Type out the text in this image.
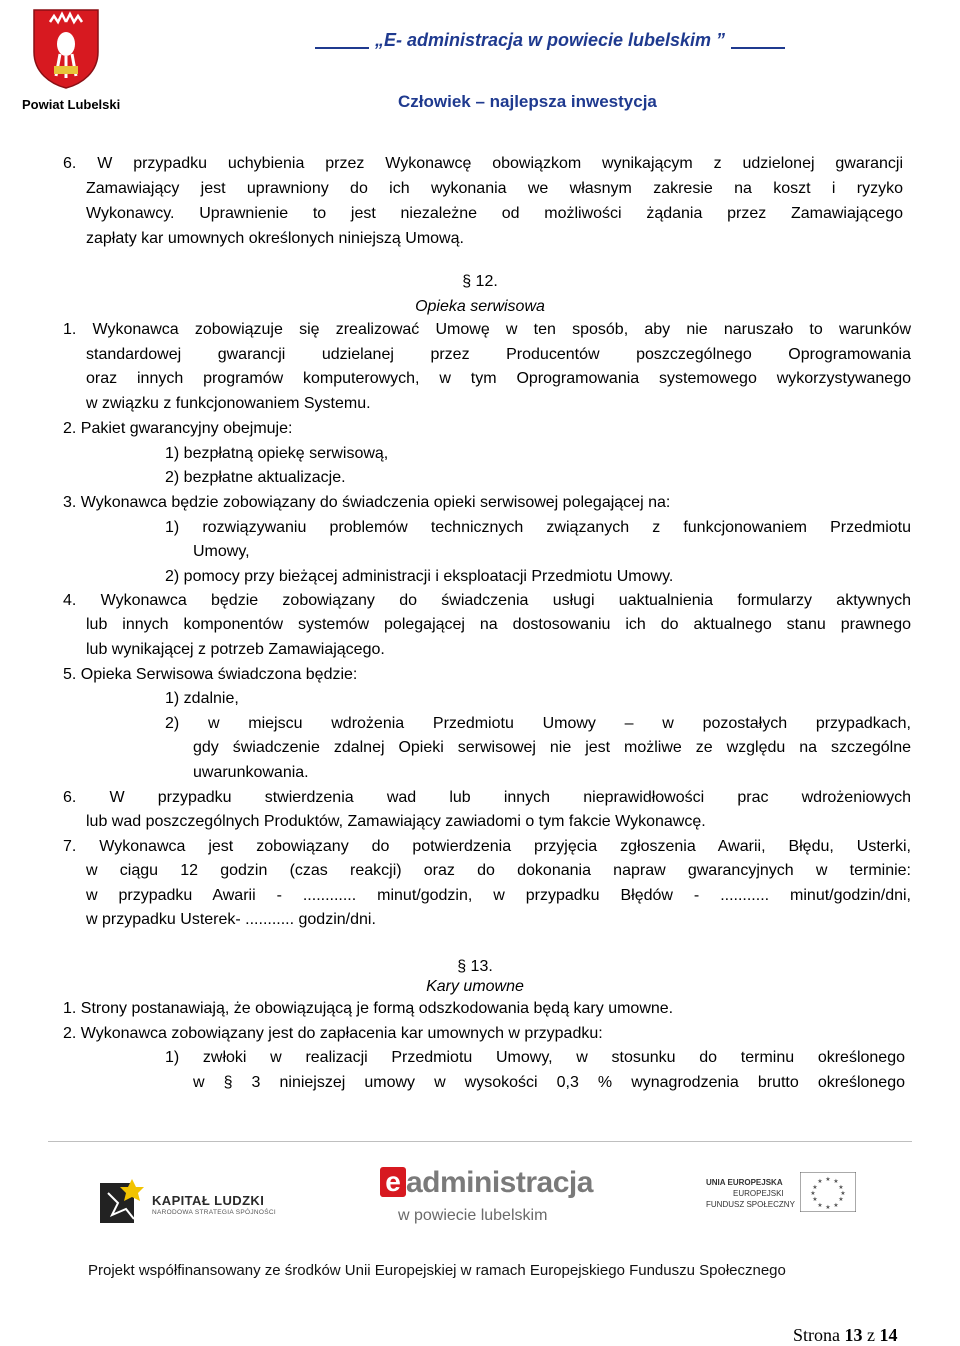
Powiat Lubelski
„E- administracja w powiecie lubelskim ”
Człowiek – najlepsza inwestycja
6. W przypadku uchybienia przez Wykonawcę obowiązkom wynikającym z udzielonej gwarancji
Zamawiający jest uprawniony do ich wykonania we własnym zakresie na koszt i ryzyko
Wykonawcy. Uprawnienie to jest niezależne od możliwości żądania przez Zamawiającego
zapłaty kar umownych określonych niniejszą Umową.
§ 12.
Opieka serwisowa
1. Wykonawca zobowiązuje się zrealizować Umowę w ten sposób, aby nie naruszało to warunków
standardowej gwarancji udzielanej przez Producentów poszczególnego Oprogramowania
oraz innych programów komputerowych, w tym Oprogramowania systemowego wykorzystywanego
w związku z funkcjonowaniem Systemu.
2. Pakiet gwarancyjny obejmuje:
1) bezpłatną opiekę serwisową,
2) bezpłatne aktualizacje.
3. Wykonawca będzie zobowiązany do świadczenia opieki serwisowej polegającej na:
1) rozwiązywaniu problemów technicznych związanych z funkcjonowaniem Przedmiotu
Umowy,
2) pomocy przy bieżącej administracji i eksploatacji Przedmiotu Umowy.
4. Wykonawca będzie zobowiązany do świadczenia usługi uaktualnienia formularzy aktywnych
lub innych komponentów systemów polegającej na dostosowaniu ich do aktualnego stanu prawnego
lub wynikającej z potrzeb Zamawiającego.
5. Opieka Serwisowa świadczona będzie:
1) zdalnie,
2) w miejscu wdrożenia Przedmiotu Umowy – w pozostałych przypadkach,
gdy świadczenie zdalnej Opieki serwisowej nie jest możliwe ze względu na szczególne
uwarunkowania.
6. W przypadku stwierdzenia wad lub innych nieprawidłowości prac wdrożeniowych
lub wad poszczególnych Produktów, Zamawiający zawiadomi o tym fakcie Wykonawcę.
7. Wykonawca jest zobowiązany do potwierdzenia przyjęcia zgłoszenia Awarii, Błędu, Usterki,
w ciągu 12 godzin (czas reakcji) oraz do dokonania napraw gwarancyjnych w terminie:
w przypadku Awarii - ............ minut/godzin, w przypadku Błędów - ........... minut/godzin/dni,
w przypadku Usterek- ........... godzin/dni.
§ 13.
Kary umowne
1. Strony postanawiają, że obowiązującą je formą odszkodowania będą kary umowne.
2. Wykonawca zobowiązany jest do zapłacenia kar umownych w przypadku:
1) zwłoki w realizacji Przedmiotu Umowy, w stosunku do terminu określonego
w § 3 niniejszej umowy w wysokości 0,3 % wynagrodzenia brutto określonego
KAPITAŁ LUDZKI
NARODOWA STRATEGIA SPÓJNOŚCI
e administracja
w powiecie lubelskim
UNIA EUROPEJSKA
EUROPEJSKI
FUNDUSZ SPOŁECZNY
★ ★
★
★
★
★
★
★
★
★
★
★
Projekt współfinansowany ze środków Unii Europejskiej w ramach Europejskiego Funduszu Społecznego
Strona 13 z 14
